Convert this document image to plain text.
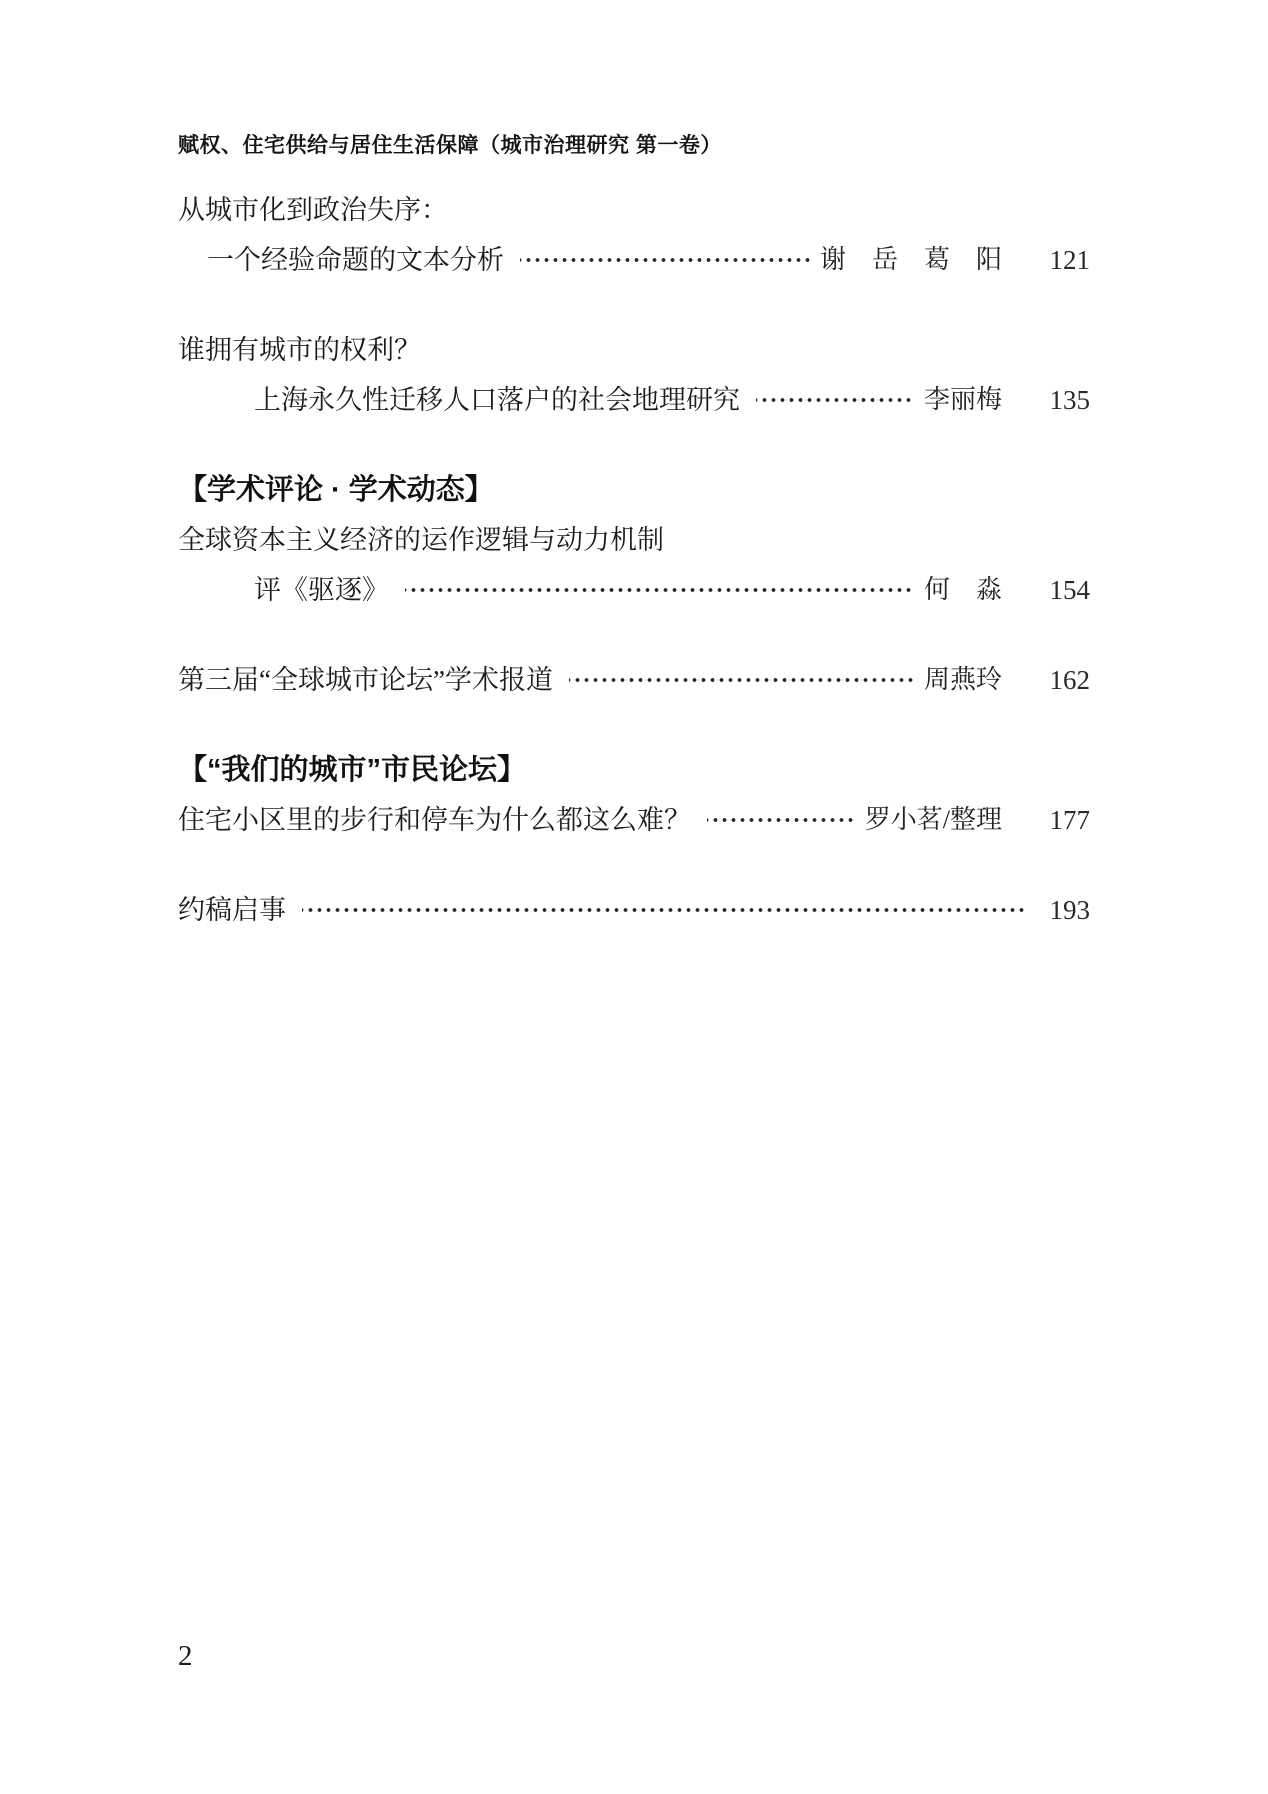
赋权、住宅供给与居住生活保障（城市治理研究 第一卷）
从城市化到政治失序：
一个经验命题的文本分析	谢　岳　葛　阳	121
谁拥有城市的权利？
上海永久性迁移人口落户的社会地理研究	李丽梅	135
【学术评论 · 学术动态】
全球资本主义经济的运作逻辑与动力机制
评《驱逐》	何　淼	154
第三届“全球城市论坛”学术报道	周燕玲	162
【“我们的城市”市民论坛】
住宅小区里的步行和停车为什么都这么难？	罗小茗/整理	177
约稿启事	193
2
